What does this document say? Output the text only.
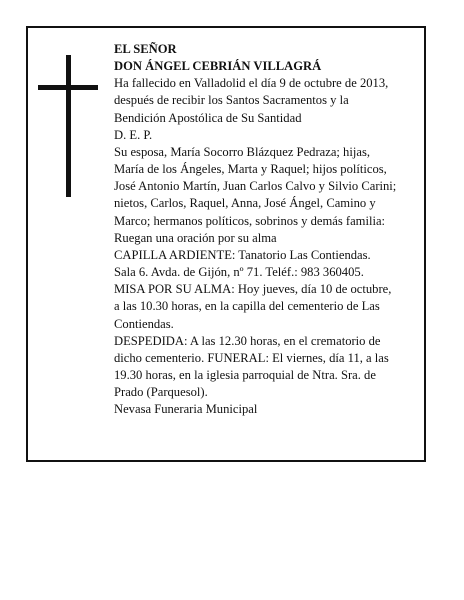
EL SEÑOR
DON ÁNGEL CEBRIÁN VILLAGRÁ
Ha fallecido en Valladolid el día 9 de octubre de 2013,
después de recibir los Santos Sacramentos y la
Bendición Apostólica de Su Santidad
D. E. P.
Su esposa, María Socorro Blázquez Pedraza; hijas,
María de los Ángeles, Marta y Raquel; hijos políticos,
José Antonio Martín, Juan Carlos Calvo y Silvio Carini;
nietos, Carlos, Raquel, Anna, José Ángel, Camino y
Marco; hermanos políticos, sobrinos y demás familia:
Ruegan una oración por su alma
CAPILLA ARDIENTE: Tanatorio Las Contiendas.
Sala 6. Avda. de Gijón, nº 71. Teléf.: 983 360405.
MISA POR SU ALMA: Hoy jueves, día 10 de octubre,
a las 10.30 horas, en la capilla del cementerio de Las
Contiendas.
DESPEDIDA: A las 12.30 horas, en el crematorio de
dicho cementerio. FUNERAL: El viernes, día 11, a las
19.30 horas, en la iglesia parroquial de Ntra. Sra. de
Prado (Parquesol).
Nevasa Funeraria Municipal
